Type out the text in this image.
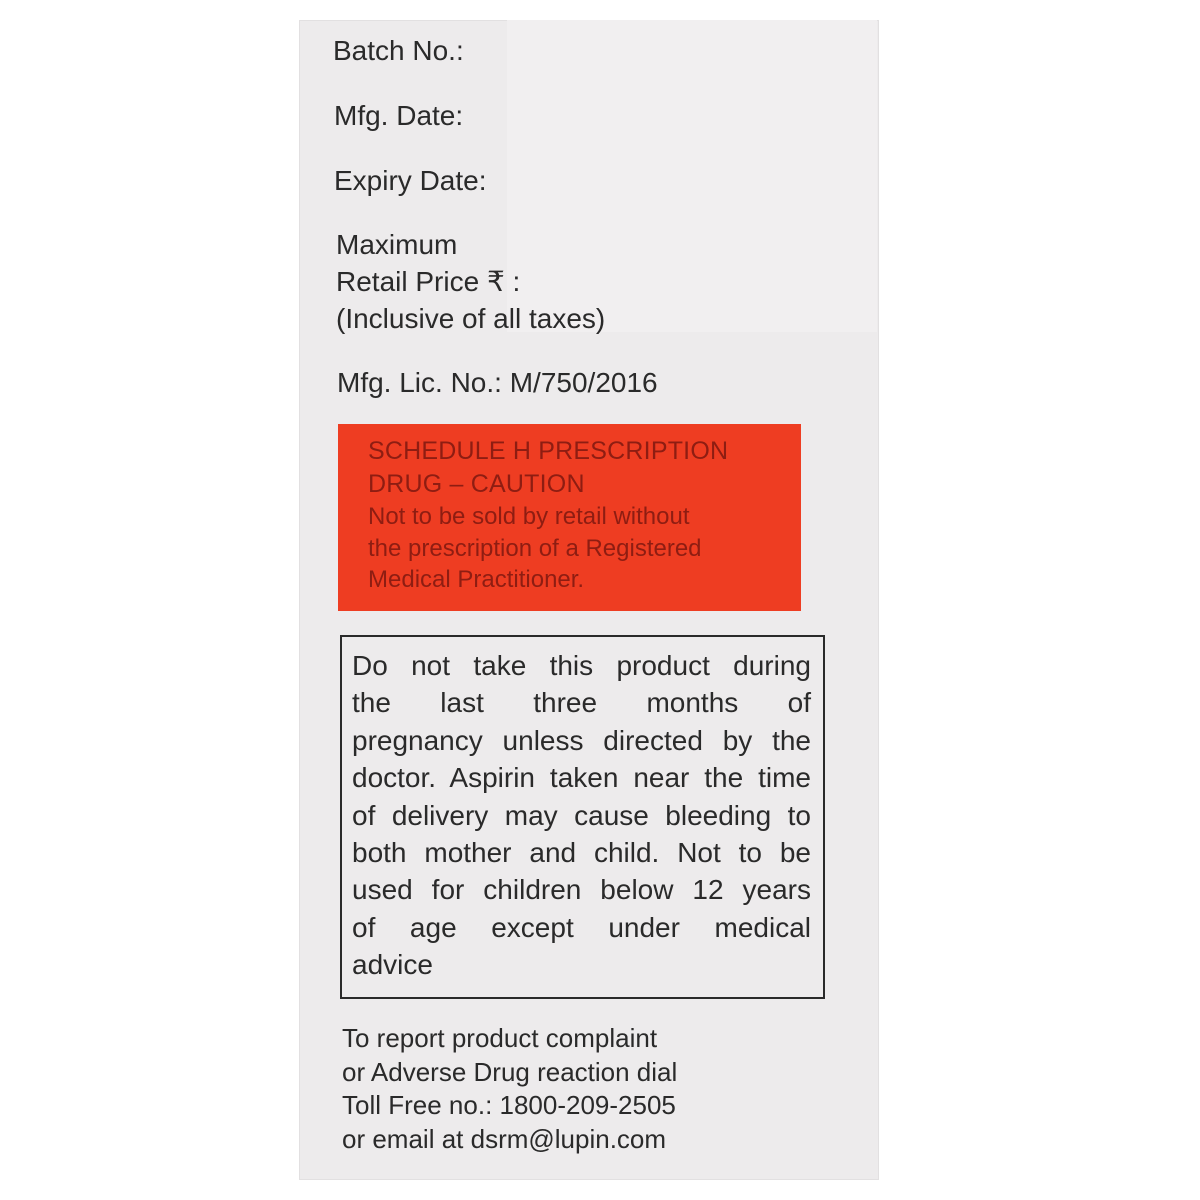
Batch No.:
Mfg. Date:
Expiry Date:
Maximum
Retail Price ₹ :
(Inclusive of all taxes)
Mfg. Lic. No.: M/750/2016
SCHEDULE H PRESCRIPTION
DRUG – CAUTION
Not to be sold by retail without
the prescription of a Registered
Medical Practitioner.
Do not take this product during
the last three months of
pregnancy unless directed by the
doctor. Aspirin taken near the time
of delivery may cause bleeding to
both mother and child. Not to be
used for children below 12 years
of age except under medical
advice
To report product complaint
or Adverse Drug reaction dial
Toll Free no.: 1800-209-2505
or email at dsrm@lupin.com
